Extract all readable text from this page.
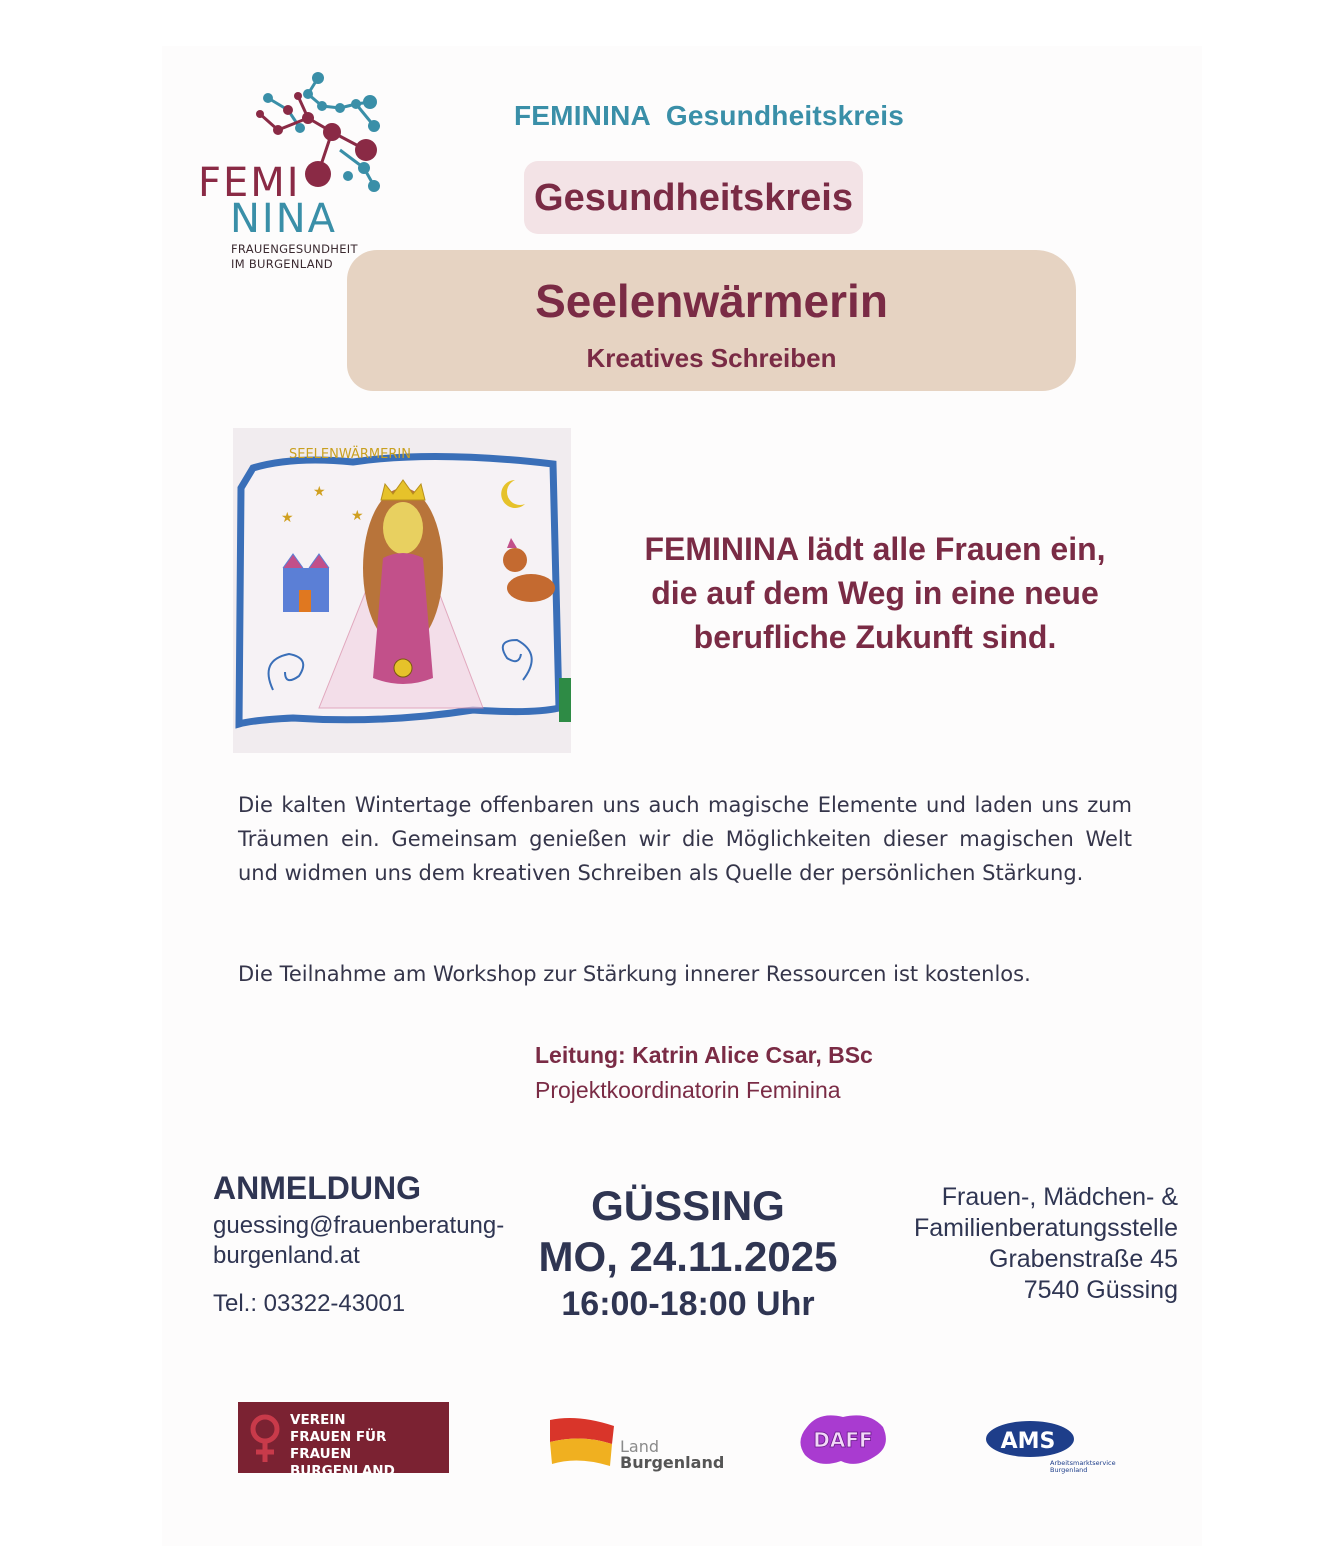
FEMI
NINA
FRAUENGESUNDHEIT
IM BURGENLAND
FEMININA  Gesundheitskreis
Gesundheitskreis
Seelenwärmerin
Kreatives Schreiben
SEELENWÄRMERIN
★
★
★
FEMININA lädt alle Frauen ein,
die auf dem Weg in eine neue
berufliche Zukunft sind.
Die kalten Wintertage offenbaren uns auch magische Elemente und laden uns zum Träumen ein. Gemeinsam genießen wir die Möglichkeiten dieser magischen Welt und widmen uns dem kreativen Schreiben als Quelle der persönlichen Stärkung.
Die Teilnahme am Workshop zur Stärkung innerer Ressourcen ist kostenlos.
Leitung: Katrin Alice Csar, BSc
Projektkoordinatorin Feminina
ANMELDUNG
guessing@frauenberatung-
burgenland.at
Tel.: 03322-43001
GÜSSING
MO, 24.11.2025
16:00-18:00 Uhr
Frauen-, Mädchen- &
Familienberatungsstelle
Grabenstraße 45
7540 Güssing
VEREIN
FRAUEN FÜR FRAUEN
BURGENLAND
Land
Burgenland
DAFF	AMS
Arbeitsmarktservice
Burgenland
